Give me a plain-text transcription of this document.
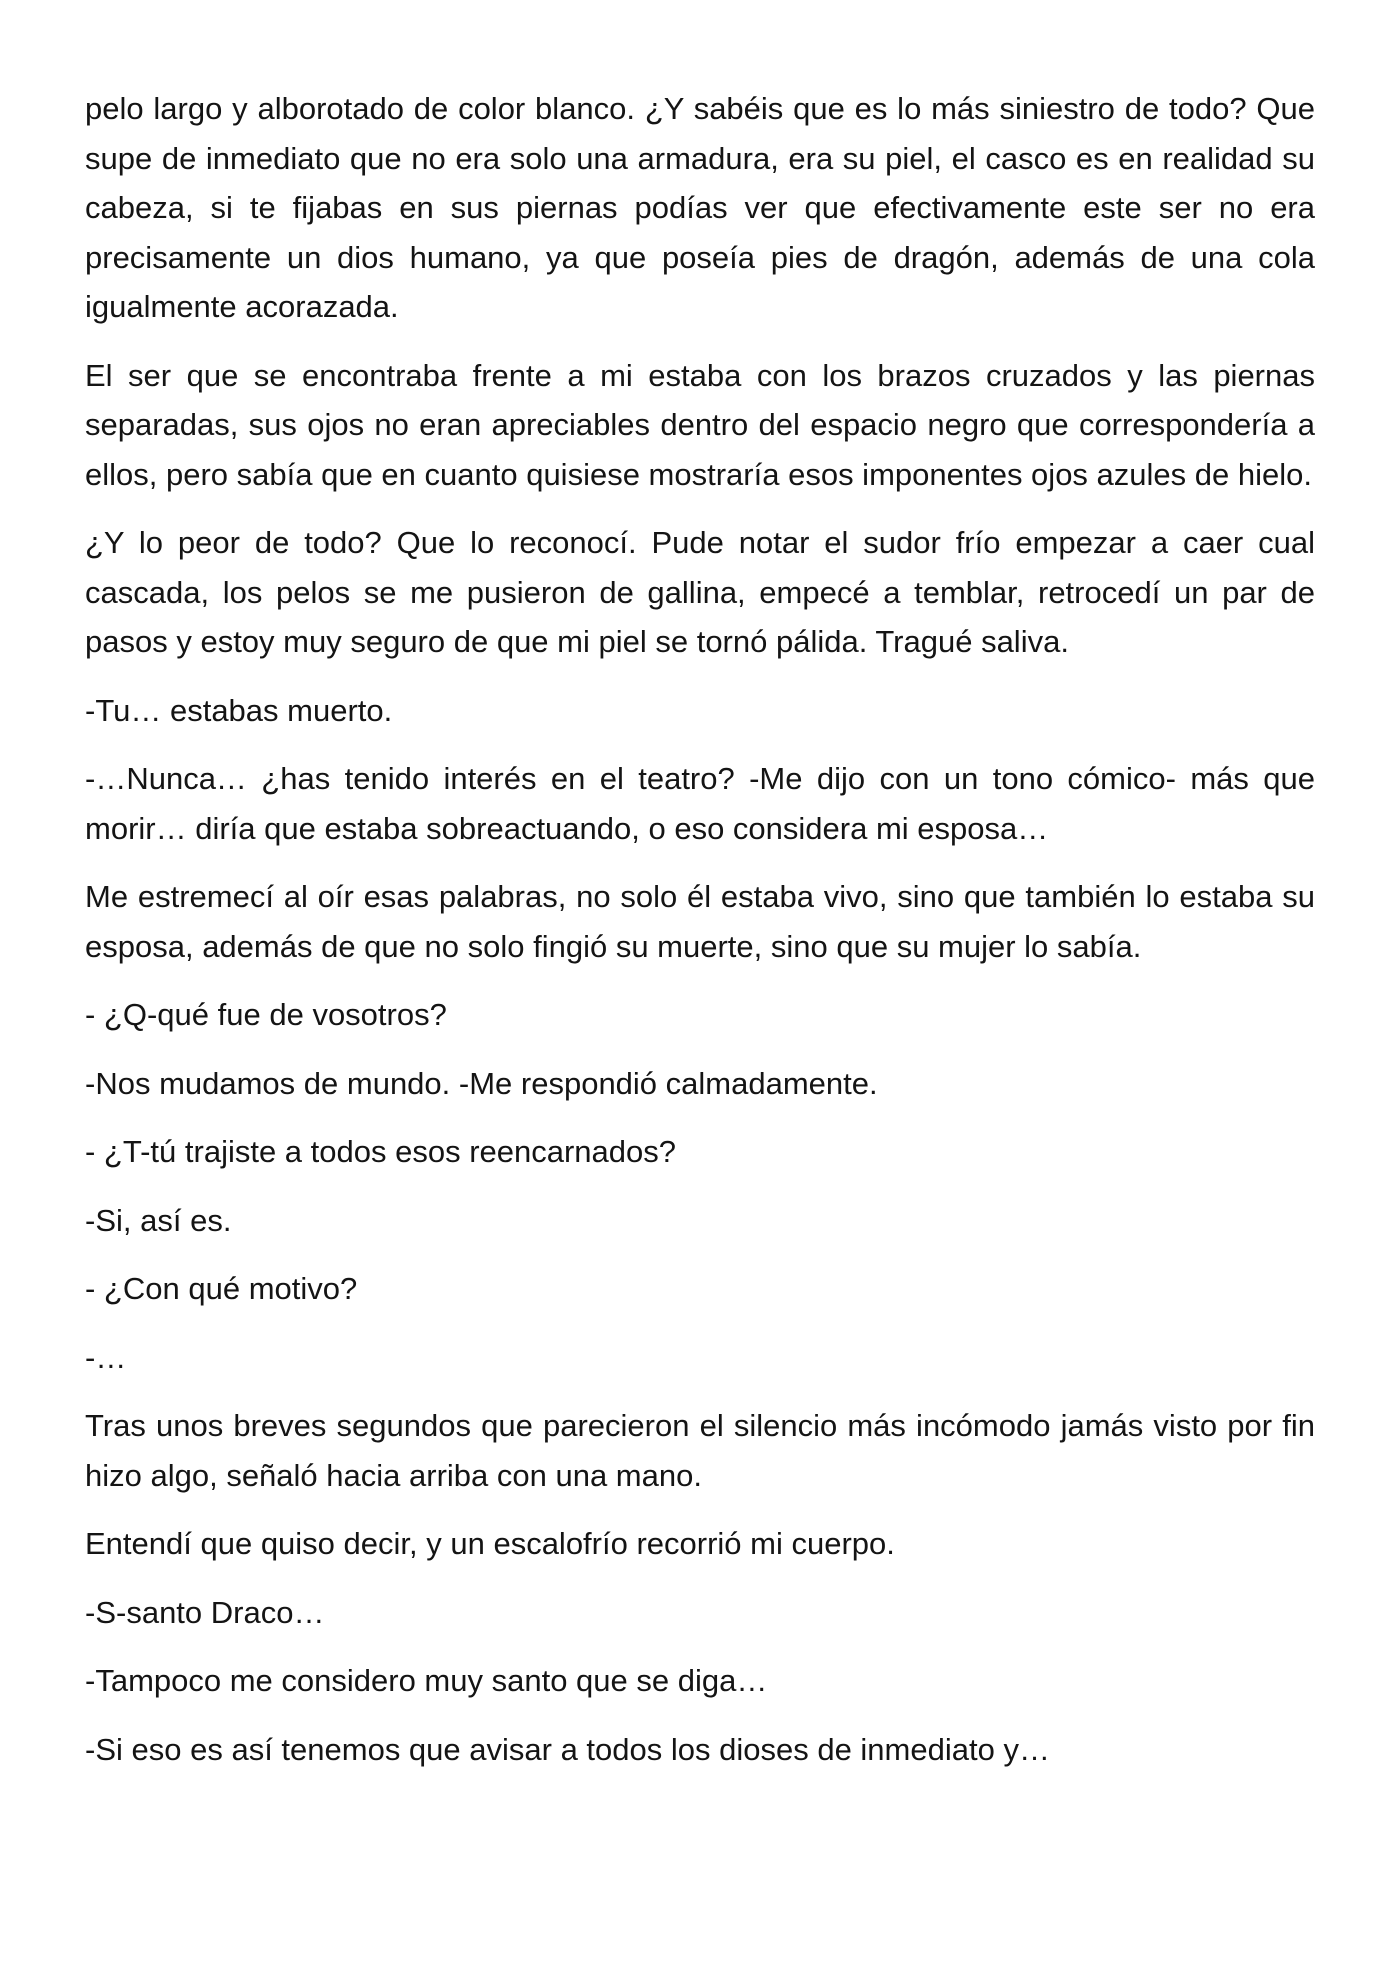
pelo largo y alborotado de color blanco. ¿Y sabéis que es lo más siniestro de todo? Que supe de inmediato que no era solo una armadura, era su piel, el casco es en realidad su cabeza, si te fijabas en sus piernas podías ver que efectivamente este ser no era precisamente un dios humano, ya que poseía pies de dragón, además de una cola igualmente acorazada.

El ser que se encontraba frente a mi estaba con los brazos cruzados y las piernas separadas, sus ojos no eran apreciables dentro del espacio negro que correspondería a ellos, pero sabía que en cuanto quisiese mostraría esos imponentes ojos azules de hielo.

¿Y lo peor de todo? Que lo reconocí. Pude notar el sudor frío empezar a caer cual cascada, los pelos se me pusieron de gallina, empecé a temblar, retrocedí un par de pasos y estoy muy seguro de que mi piel se tornó pálida. Tragué saliva.

-Tu… estabas muerto.

-…Nunca… ¿has tenido interés en el teatro? -Me dijo con un tono cómico- más que morir… diría que estaba sobreactuando, o eso considera mi esposa…

Me estremecí al oír esas palabras, no solo él estaba vivo, sino que también lo estaba su esposa, además de que no solo fingió su muerte, sino que su mujer lo sabía.

- ¿Q-qué fue de vosotros?

-Nos mudamos de mundo. -Me respondió calmadamente.

- ¿T-tú trajiste a todos esos reencarnados?

-Si, así es.

- ¿Con qué motivo?

-…

Tras unos breves segundos que parecieron el silencio más incómodo jamás visto por fin hizo algo, señaló hacia arriba con una mano.

Entendí que quiso decir, y un escalofrío recorrió mi cuerpo.

-S-santo Draco…

-Tampoco me considero muy santo que se diga…

-Si eso es así tenemos que avisar a todos los dioses de inmediato y…
